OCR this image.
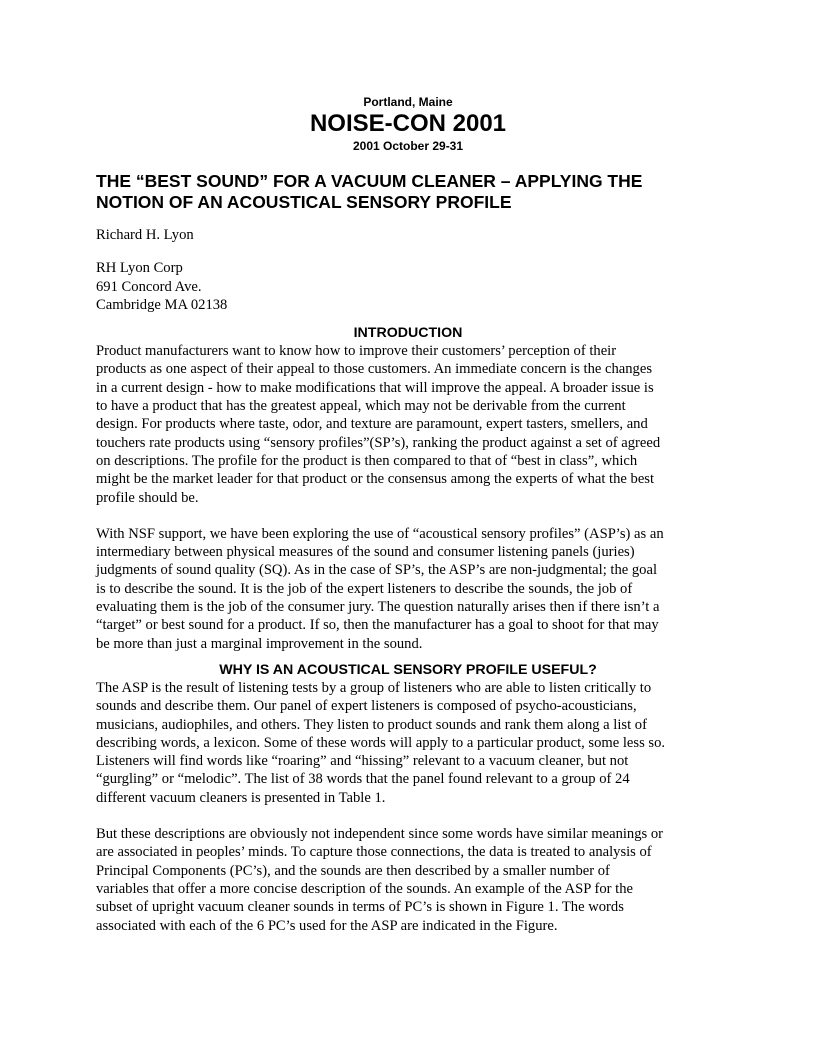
Portland, Maine
NOISE-CON 2001
2001 October 29-31
THE “BEST SOUND” FOR A VACUUM CLEANER – APPLYING THE
NOTION OF AN ACOUSTICAL SENSORY PROFILE
Richard H. Lyon
RH Lyon Corp
691 Concord Ave.
Cambridge MA 02138
INTRODUCTION

Product manufacturers want to know how to improve their customers’ perception of their
products as one aspect of their appeal to those customers. An immediate concern is the changes
in a current design - how to make modifications that will improve the appeal. A broader issue is
to have a product that has the greatest appeal, which may not be derivable from the current
design. For products where taste, odor, and texture are paramount, expert tasters, smellers, and
touchers rate products using “sensory profiles”(SP’s), ranking the product against a set of agreed
on descriptions. The profile for the product is then compared to that of “best in class”, which
might be the market leader for that product or the consensus among the experts of what the best
profile should be.

With NSF support, we have been exploring the use of “acoustical sensory profiles” (ASP’s) as an
intermediary between physical measures of the sound and consumer listening panels (juries)
judgments of sound quality (SQ). As in the case of SP’s, the ASP’s are non-judgmental; the goal
is to describe the sound. It is the job of the expert listeners to describe the sounds, the job of
evaluating them is the job of the consumer jury. The question naturally arises then if there isn’t a
“target” or best sound for a product. If so, then the manufacturer has a goal to shoot for that may
be more than just a marginal improvement in the sound.

WHY IS AN ACOUSTICAL SENSORY PROFILE USEFUL?

The ASP is the result of listening tests by a group of listeners who are able to listen critically to
sounds and describe them. Our panel of expert listeners is composed of psycho-acousticians,
musicians, audiophiles, and others. They listen to product sounds and rank them along a list of
describing words, a lexicon. Some of these words will apply to a particular product, some less so.
Listeners will find words like “roaring” and “hissing” relevant to a vacuum cleaner, but not
“gurgling” or “melodic”. The list of 38 words that the panel found relevant to a group of 24
different vacuum cleaners is presented in Table 1.

But these descriptions are obviously not independent since some words have similar meanings or
are associated in peoples’ minds. To capture those connections, the data is treated to analysis of
Principal Components (PC’s), and the sounds are then described by a smaller number of
variables that offer a more concise description of the sounds. An example of the ASP for the
subset of upright vacuum cleaner sounds in terms of PC’s is shown in Figure 1. The words
associated with each of the 6 PC’s used for the ASP are indicated in the Figure.
